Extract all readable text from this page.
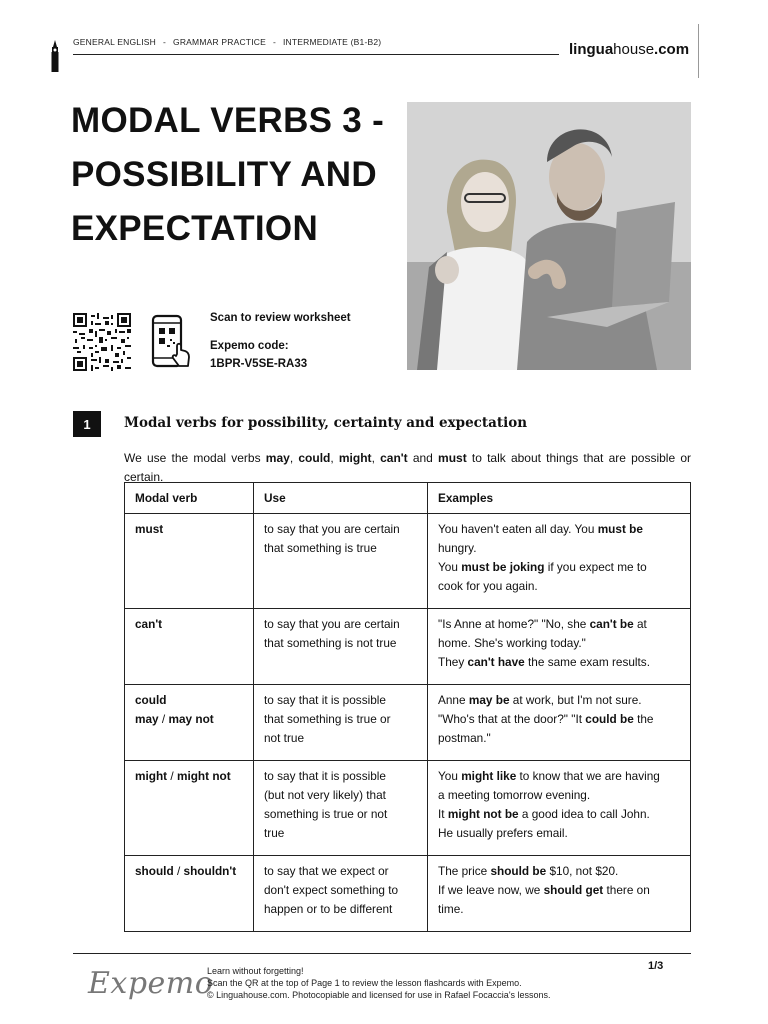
GENERAL ENGLISH - GRAMMAR PRACTICE - INTERMEDIATE (B1-B2)	linguahouse.com
MODAL VERBS 3 -
POSSIBILITY AND
EXPECTATION
Scan to review worksheet
Expemo code:
1BPR-V5SE-RA33
1	Modal verbs for possibility, certainty and expectation
We use the modal verbs may, could, might, can't and must to talk about things that are possible or certain.
Modal verb	Use	Examples

must	to say that you are certain
that something is true	You haven't eaten all day. You must be
hungry.
You must be joking if you expect me to
cook for you again.

can't	to say that you are certain
that something is not true	"Is Anne at home?" "No, she can't be at
home. She's working today."
They can't have the same exam results.

could
may / may not	to say that it is possible
that something is true or
not true	Anne may be at work, but I'm not sure.
"Who's that at the door?" "It could be the
postman."

might / might not	to say that it is possible
(but not very likely) that
something is true or not
true	You might like to know that we are having
a meeting tomorrow evening.
It might not be a good idea to call John.
He usually prefers email.

should / shouldn't	to say that we expect or
don't expect something to
happen or to be different	The price should be $10, not $20.
If we leave now, we should get there on
time.
Expemo
Learn without forgetting!
Scan the QR at the top of Page 1 to review the lesson flashcards with Expemo.
© Linguahouse.com. Photocopiable and licensed for use in Rafael Focaccia's lessons.
1/3
